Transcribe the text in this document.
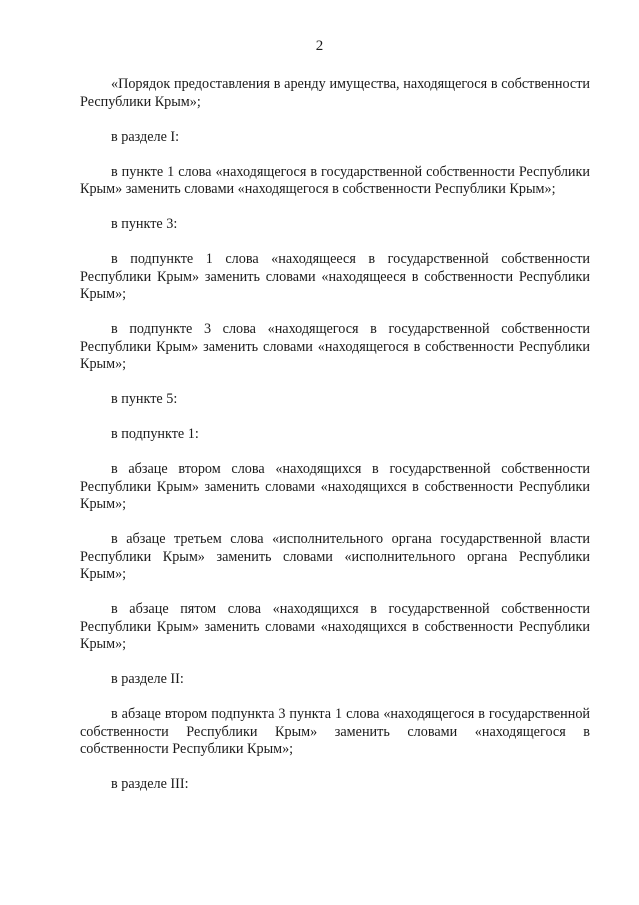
2

«Порядок предоставления в аренду имущества, находящегося в собственности Республики Крым»;

в разделе I:

в пункте 1 слова «находящегося в государственной собственности Республики Крым» заменить словами «находящегося в собственности Республики Крым»;

в пункте 3:

в подпункте 1 слова «находящееся в государственной собственности Республики Крым» заменить словами «находящееся в собственности Республики Крым»;

в подпункте 3 слова «находящегося в государственной собственности Республики Крым» заменить словами «находящегося в собственности Республики Крым»;

в пункте 5:

в подпункте 1:

в абзаце втором слова «находящихся в государственной собственности Республики Крым» заменить словами «находящихся в собственности Республики Крым»;

в абзаце третьем слова «исполнительного органа государственной власти Республики Крым» заменить словами «исполнительного органа Республики Крым»;

в абзаце пятом слова «находящихся в государственной собственности Республики Крым» заменить словами «находящихся в собственности Республики Крым»;

в разделе II:

в абзаце втором подпункта 3 пункта 1 слова «находящегося в государственной собственности Республики Крым» заменить словами «находящегося в собственности Республики Крым»;

в разделе III:
